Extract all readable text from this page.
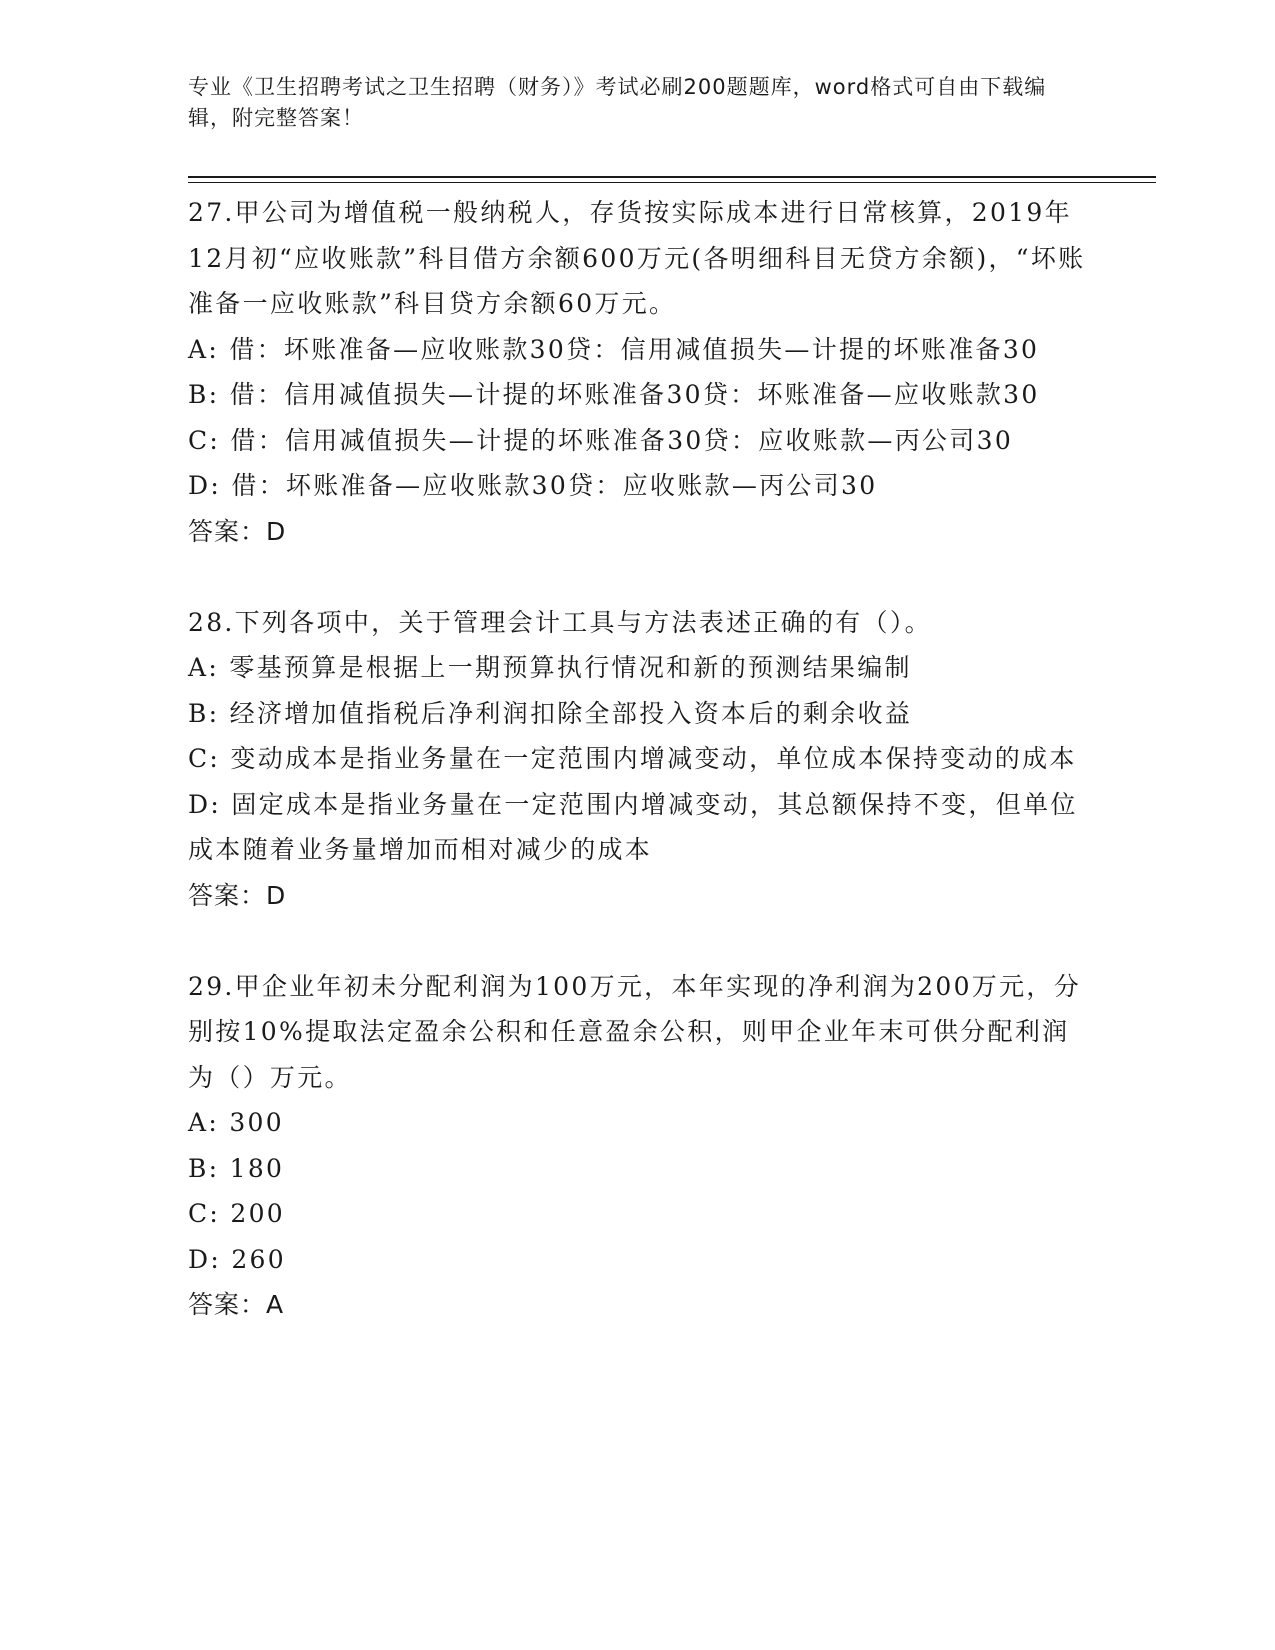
专业《卫生招聘考试之卫生招聘（财务）》考试必刷200题题库，word格式可自由下载编辑，附完整答案！
27.甲公司为增值税一般纳税人，存货按实际成本进行日常核算，2019年12月初“应收账款”科目借方余额600万元(各明细科目无贷方余额)，“坏账准备一应收账款”科目贷方余额60万元。
A: 借：坏账准备—应收账款30贷：信用减值损失—计提的坏账准备30
B: 借：信用减值损失—计提的坏账准备30贷：坏账准备—应收账款30
C: 借：信用减值损失—计提的坏账准备30贷：应收账款—丙公司30
D: 借：坏账准备—应收账款30贷：应收账款—丙公司30
答案：D
28.下列各项中，关于管理会计工具与方法表述正确的有（）。
A: 零基预算是根据上一期预算执行情况和新的预测结果编制
B: 经济增加值指税后净利润扣除全部投入资本后的剩余收益
C: 变动成本是指业务量在一定范围内增减变动，单位成本保持变动的成本
D: 固定成本是指业务量在一定范围内增减变动，其总额保持不变，但单位成本随着业务量增加而相对减少的成本
答案：D
29.甲企业年初未分配利润为100万元，本年实现的净利润为200万元，分别按10%提取法定盈余公积和任意盈余公积，则甲企业年末可供分配利润为（）万元。
A: 300
B: 180
C: 200
D: 260
答案：A
